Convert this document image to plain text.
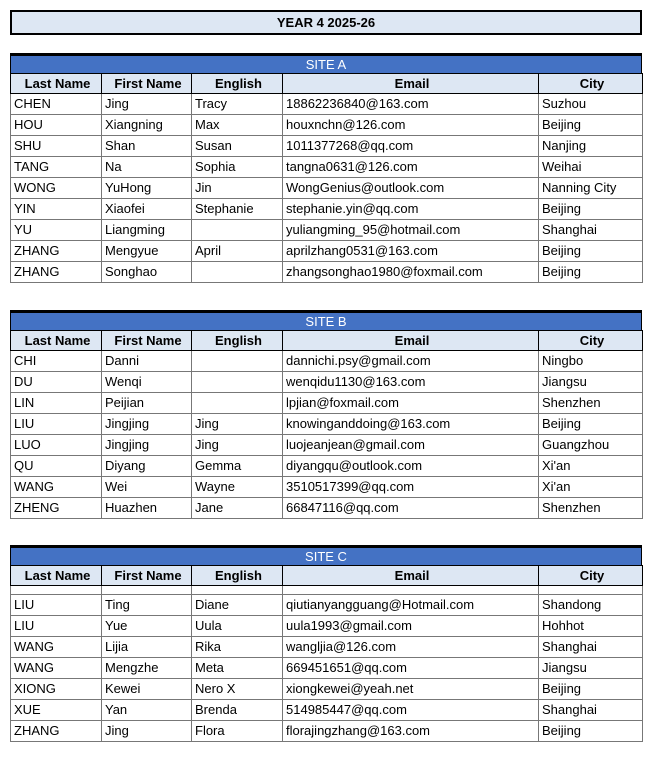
YEAR 4 2025-26
SITE A
Last Name	First Name	English	Email	City
CHEN	Jing	Tracy	18862236840@163.com	Suzhou
HOU	Xiangning	Max	houxnchn@126.com	Beijing
SHU	Shan	Susan	1011377268@qq.com	Nanjing
TANG	Na	Sophia	tangna0631@126.com	Weihai
WONG	YuHong	Jin	WongGenius@outlook.com	Nanning City
YIN	Xiaofei	Stephanie	stephanie.yin@qq.com	Beijing
YU	Liangming		yuliangming_95@hotmail.com	Shanghai
ZHANG	Mengyue	April	aprilzhang0531@163.com	Beijing
ZHANG	Songhao		zhangsonghao1980@foxmail.com	Beijing
SITE B
Last Name	First Name	English	Email	City
CHI	Danni		dannichi.psy@gmail.com	Ningbo
DU	Wenqi		wenqidu1130@163.com	Jiangsu
LIN	Peijian		lpjian@foxmail.com	Shenzhen
LIU	Jingjing	Jing	knowinganddoing@163.com	Beijing
LUO	Jingjing	Jing	luojeanjean@gmail.com	Guangzhou
QU	Diyang	Gemma	diyangqu@outlook.com	Xi'an
WANG	Wei	Wayne	3510517399@qq.com	Xi'an
ZHENG	Huazhen	Jane	66847116@qq.com	Shenzhen
SITE C
Last Name	First Name	English	Email	City

LIU	Ting	Diane	qiutianyangguang@Hotmail.com	Shandong
LIU	Yue	Uula	uula1993@gmail.com	Hohhot
WANG	Lijia	Rika	wangljia@126.com	Shanghai
WANG	Mengzhe	Meta	669451651@qq.com	Jiangsu
XIONG	Kewei	Nero X	xiongkewei@yeah.net	Beijing
XUE	Yan	Brenda	514985447@qq.com	Shanghai
ZHANG	Jing	Flora	florajingzhang@163.com	Beijing
